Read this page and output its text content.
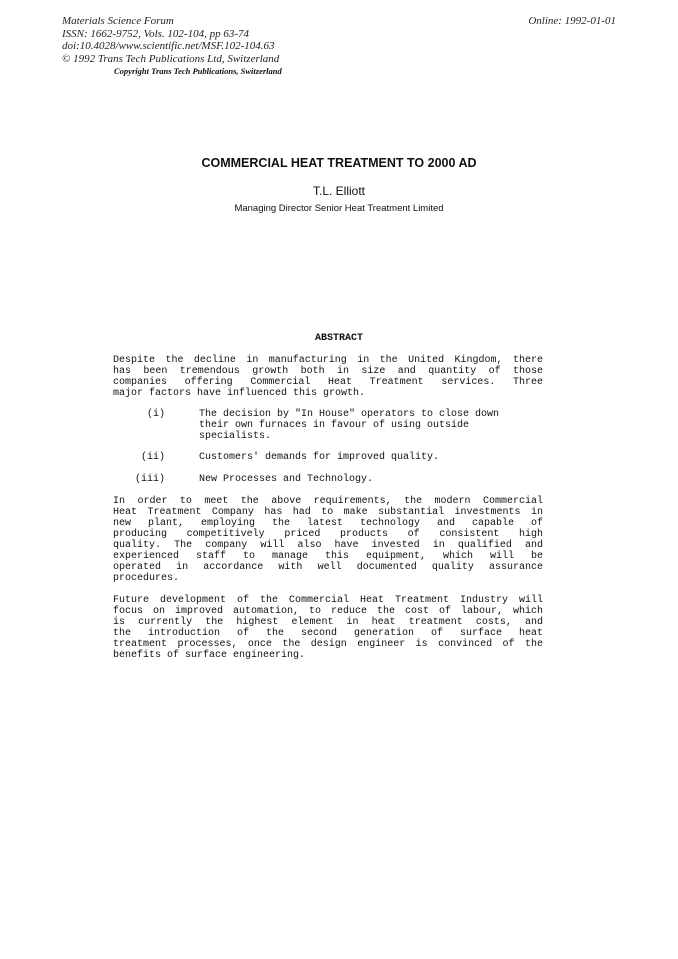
Materials Science Forum
ISSN: 1662-9752, Vols. 102-104, pp 63-74
doi:10.4028/www.scientific.net/MSF.102-104.63
© 1992 Trans Tech Publications Ltd, Switzerland
Online: 1992-01-01
Copyright Trans Tech Publications, Switzerland
COMMERCIAL HEAT TREATMENT TO 2000 AD
T.L. Elliott
Managing Director Senior Heat Treatment Limited
ABSTRACT
Despite the decline in manufacturing in the United Kingdom, there
has been tremendous growth both in size and quantity of those
companies offering Commercial Heat Treatment services. Three
major factors have influenced this growth.
(i)	The decision by "In House" operators to close down
their own furnaces in favour of using outside
specialists.
(ii)	Customers' demands for improved quality.
(iii)	New Processes and Technology.
In order to meet the above requirements, the modern Commercial
Heat Treatment Company has had to make substantial investments in
new plant, employing the latest technology and capable of
producing competitively priced products of consistent high
quality. The company will also have invested in qualified and
experienced staff to manage this equipment, which will be
operated in accordance with well documented quality assurance
procedures.
Future development of the Commercial Heat Treatment Industry will
focus on improved automation, to reduce the cost of labour, which
is currently the highest element in heat treatment costs, and
the introduction of the second generation of surface heat
treatment processes, once the design engineer is convinced of the
benefits of surface engineering.
